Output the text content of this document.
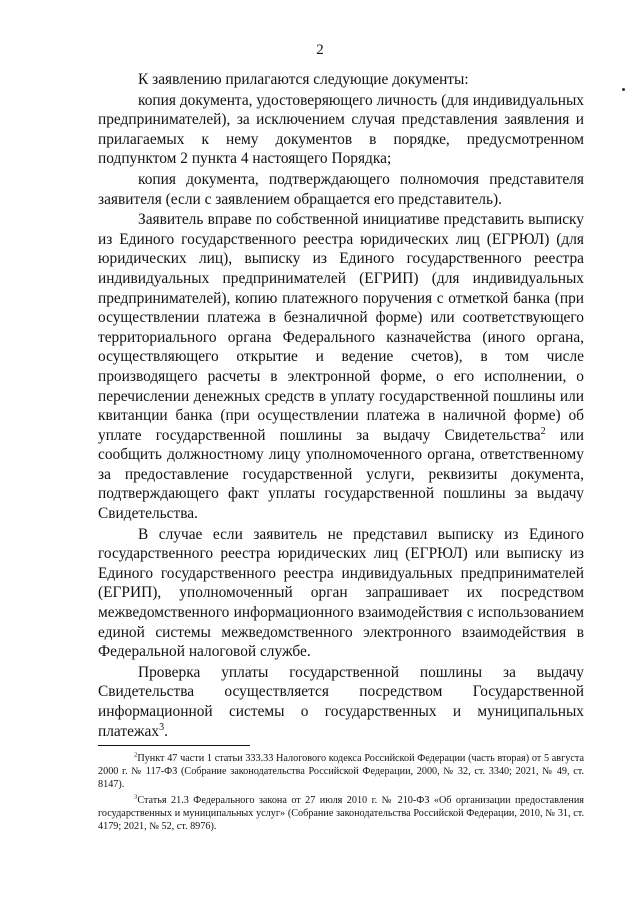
2

К заявлению прилагаются следующие документы:

копия документа, удостоверяющего личность (для индивидуальных предпринимателей), за исключением случая представления заявления и прилагаемых к нему документов в порядке, предусмотренном подпунктом 2 пункта 4 настоящего Порядка;

копия документа, подтверждающего полномочия представителя заявителя (если с заявлением обращается его представитель).

Заявитель вправе по собственной инициативе представить выписку из Единого государственного реестра юридических лиц (ЕГРЮЛ) (для юридических лиц), выписку из Единого государственного реестра индивидуальных предпринимателей (ЕГРИП) (для индивидуальных предпринимателей), копию платежного поручения с отметкой банка (при осуществлении платежа в безналичной форме) или соответствующего территориального органа Федерального казначейства (иного органа, осуществляющего открытие и ведение счетов), в том числе производящего расчеты в электронной форме, о его исполнении, о перечислении денежных средств в уплату государственной пошлины или квитанции банка (при осуществлении платежа в наличной форме) об уплате государственной пошлины за выдачу Свидетельства$^2$ или сообщить должностному лицу уполномоченного органа, ответственному за предоставление государственной услуги, реквизиты документа, подтверждающего факт уплаты государственной пошлины за выдачу Свидетельства.

В случае если заявитель не представил выписку из Единого государственного реестра юридических лиц (ЕГРЮЛ) или выписку из Единого государственного реестра индивидуальных предпринимателей (ЕГРИП), уполномоченный орган запрашивает их посредством межведомственного информационного взаимодействия с использованием единой системы межведомственного электронного взаимодействия в Федеральной налоговой службе.

Проверка уплаты государственной пошлины за выдачу Свидетельства осуществляется посредством Государственной информационной системы о государственных и муниципальных платежах$^3$.

$^2$Пункт 47 части 1 статьи 333.33 Налогового кодекса Российской Федерации (часть вторая) от 5 августа 2000 г. № 117-ФЗ (Собрание законодательства Российской Федерации, 2000, № 32, ст. 3340; 2021, № 49, ст. 8147).

$^3$Статья 21.3 Федерального закона от 27 июля 2010 г. № 210-ФЗ «Об организации предоставления государственных и муниципальных услуг» (Собрание законодательства Российской Федерации, 2010, № 31, ст. 4179; 2021, № 52, ст. 8976).
